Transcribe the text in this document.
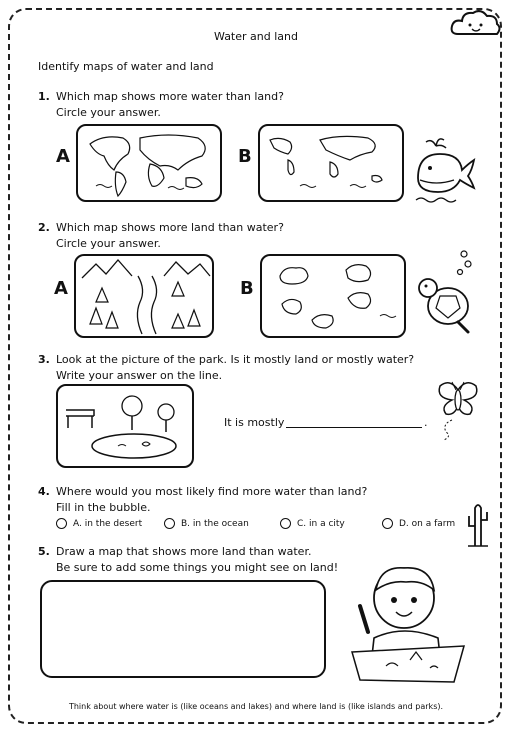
Water and land
Identify maps of water and land
1. Which map shows more water than land?
Circle your answer.
A	B
2. Which map shows more land than water?
Circle your answer.
A	B
3. Look at the picture of the park. Is it mostly land or mostly water?
Write your answer on the line.
It is mostly	.
4. Where would you most likely find more water than land?
Fill in the bubble.
A. in the desert	B. in the ocean	C. in a city	D. on a farm
5. Draw a map that shows more land than water.
Be sure to add some things you might see on land!
Think about where water is (like oceans and lakes) and where land is (like islands and parks).
